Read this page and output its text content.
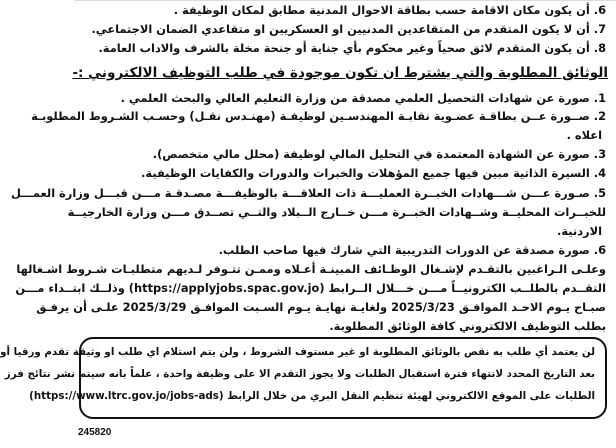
6. أن يكون مكان الاقامة حسب بطاقة الاحوال المدنية مطابق لمكان الوظيفة .
7. أن لا يكون المتقدم من المتقاعدين المدنيين او العسكريين او متقاعدي الضمان الاجتماعي.
8. أن يكون المتقدم لائق صحياً وغير محكوم بأي جناية أو جنحة مخلة بالشرف والاداب العامة.
الوثائق المطلوبة والتي يشترط ان تكون موجودة في طلب التوظيف الالكتروني :-
1. صورة عن شهادات التحصيل العلمي مصدقة من وزارة التعليم العالي والبحث العلمي .
2. صــورة عــن بطاقـة عضـوية نقابـة المهندسـين لوظيفـة (مهنـدس نقـل) وحسـب الشـروط المطلوبـة
اعلاه .
3. صورة عن الشهادة المعتمدة في التحليل المالي لوظيفة (محلل مالي متخصص).
4. السيرة الذاتية مبين فيها جميع المؤهلات والخبرات والدورات والكفايات الوظيفية.
5. صـورة عـــن شـــهادات الخبــرة العمليـــة ذات العلاقـــة بالوظيفـــة مصـدقـة مـــن قبـــل وزارة العمـــل
للخبــرات المحليــة وشــهادات الخبــرة مـــن خــارج الــبلاد والتــي تصــدق مـــن وزارة الخارجيــة
الاردنية.
6. صورة مصدقة عن الدورات التدريبية التي شارك فيها صاحب الطلب.
وعلـى الـراغبين بالتقـدم لإشـغال الوظـائف المبينـة أعـلاه وممـن تتـوفر لـديهم متطلبـات شـروط اشـغالها
التقــدم بالطلــب الكترونيــاً مـــن خـــلال الــرابط (https://applyjobs.spac.gov.jo) وذلــك ابتــداء مـــن
صبـاح يـوم الاحـد الموافـق 2025/3/23 ولغايـة نهايـة يـوم السـبت الموافـق 2025/3/29 علـى أن يرفـق
بطلب التوظيف الالكتروني كافة الوثائق المطلوبة.
لن يعتمد أي طلب به نقص بالوثائق المطلوبة او غير مستوف الشروط ، ولن يتم استلام اي طلب او وثيقة تقدم ورقيا أو
بعد التاريخ المحدد لانتهاء فترة استقبال الطلبات ولا يجوز التقدم الا على وظيفة واحدة ، علماً بانه سيتم نشر نتائج فرز
الطلبات على الموقع الالكتروني لهيئة تنظيم النقل البري من خلال الرابط (https://www.ltrc.gov.jo/jobs-ads)
245820
